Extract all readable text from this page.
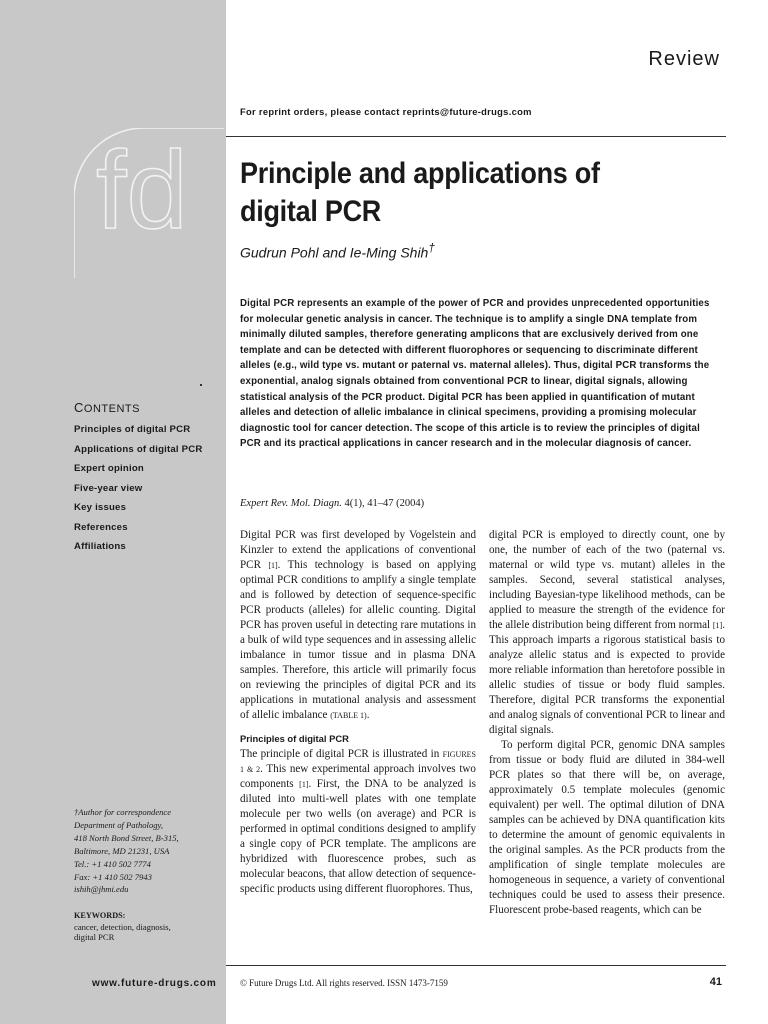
fd
CONTENTS
Principles of digital PCR
Applications of digital PCR
Expert opinion
Five-year view
Key issues
References
Affiliations
†Author for correspondence
Department of Pathology,
418 North Bond Street, B-315,
Baltimore, MD 21231, USA
Tel.: +1 410 502 7774
Fax: +1 410 502 7943
ishih@jhmi.edu
KEYWORDS:
cancer, detection, diagnosis,
digital PCR
www.future-drugs.com
Review
For reprint orders, please contact reprints@future-drugs.com
Principle and applications of
digital PCR
Gudrun Pohl and Ie-Ming Shih†
Digital PCR represents an example of the power of PCR and provides unprecedented opportunities for molecular genetic analysis in cancer. The technique is to amplify a single DNA template from minimally diluted samples, therefore generating amplicons that are exclusively derived from one template and can be detected with different fluorophores or sequencing to discriminate different alleles (e.g., wild type vs. mutant or paternal vs. maternal alleles). Thus, digital PCR transforms the exponential, analog signals obtained from conventional PCR to linear, digital signals, allowing statistical analysis of the PCR product. Digital PCR has been applied in quantification of mutant alleles and detection of allelic imbalance in clinical specimens, providing a promising molecular diagnostic tool for cancer detection. The scope of this article is to review the principles of digital PCR and its practical applications in cancer research and in the molecular diagnosis of cancer.
Expert Rev. Mol. Diagn. 4(1), 41–47 (2004)

Digital PCR was first developed by Vogelstein and Kinzler to extend the applications of conventional PCR [1]. This technology is based on applying optimal PCR conditions to amplify a single template and is followed by detection of sequence-specific PCR products (alleles) for allelic counting. Digital PCR has proven useful in detecting rare mutations in a bulk of wild type sequences and in assessing allelic imbalance in tumor tissue and in plasma DNA samples. Therefore, this article will primarily focus on reviewing the principles of digital PCR and its applications in mutational analysis and assessment of allelic imbalance (TABLE 1).

Principles of digital PCR

The principle of digital PCR is illustrated in FIGURES 1 & 2. This new experimental approach involves two components [1]. First, the DNA to be analyzed is diluted into multi-well plates with one template molecule per two wells (on average) and PCR is performed in optimal conditions designed to amplify a single copy of PCR template. The amplicons are hybridized with fluorescence probes, such as molecular beacons, that allow detection of sequence-specific products using different fluorophores. Thus,

digital PCR is employed to directly count, one by one, the number of each of the two (paternal vs. maternal or wild type vs. mutant) alleles in the samples. Second, several statistical analyses, including Bayesian-type likelihood methods, can be applied to measure the strength of the evidence for the allele distribution being different from normal [1]. This approach imparts a rigorous statistical basis to analyze allelic status and is expected to provide more reliable information than heretofore possible in allelic studies of tissue or body fluid samples. Therefore, digital PCR transforms the exponential and analog signals of conventional PCR to linear and digital signals.

To perform digital PCR, genomic DNA samples from tissue or body fluid are diluted in 384-well PCR plates so that there will be, on average, approximately 0.5 template molecules (genomic equivalent) per well. The optimal dilution of DNA samples can be achieved by DNA quantification kits to determine the amount of genomic equivalents in the original samples. As the PCR products from the amplification of single template molecules are homogeneous in sequence, a variety of conventional techniques could be used to assess their presence. Fluorescent probe-based reagents, which can be

© Future Drugs Ltd. All rights reserved. ISSN 1473-7159	41
